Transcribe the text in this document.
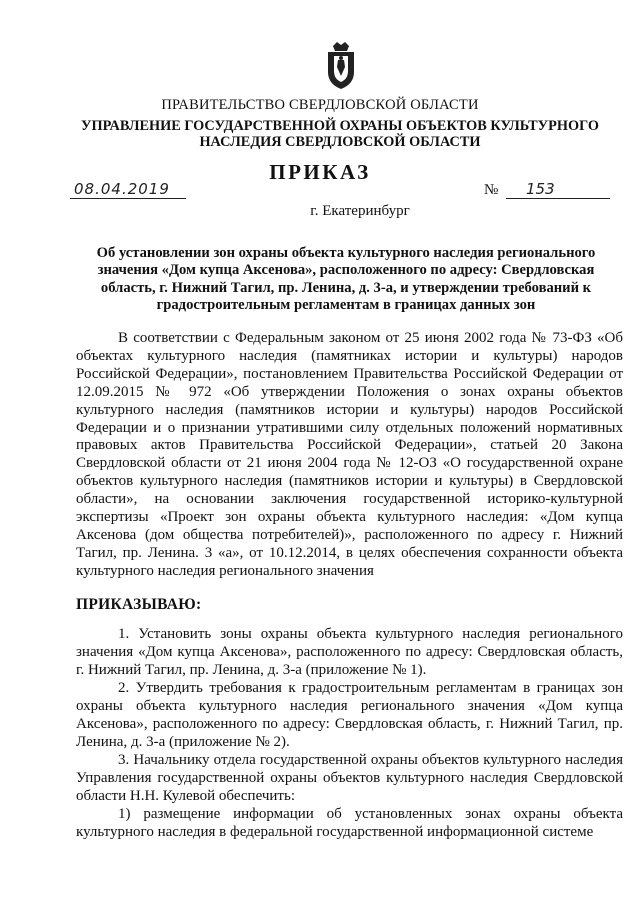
ПРАВИТЕЛЬСТВО СВЕРДЛОВСКОЙ ОБЛАСТИ
УПРАВЛЕНИЕ ГОСУДАРСТВЕННОЙ ОХРАНЫ ОБЪЕКТОВ КУЛЬТУРНОГО НАСЛЕДИЯ СВЕРДЛОВСКОЙ ОБЛАСТИ
ПРИКАЗ
08.04.2019	№	153
г. Екатеринбург
Об установлении зон охраны объекта культурного наследия регионального значения «Дом купца Аксенова», расположенного по адресу: Свердловская область, г. Нижний Тагил, пр. Ленина, д. 3-а, и утверждении требований к градостроительным регламентам в границах данных зон
В соответствии с Федеральным законом от 25 июня 2002 года № 73-ФЗ «Об объектах культурного наследия (памятниках истории и культуры) народов Российской Федерации», постановлением Правительства Российской Федерации от 12.09.2015 № 972 «Об утверждении Положения о зонах охраны объектов культурного наследия (памятников истории и культуры) народов Российской Федерации и о признании утратившими силу отдельных положений нормативных правовых актов Правительства Российской Федерации», статьей 20 Закона Свердловской области от 21 июня 2004 года № 12-ОЗ «О государственной охране объектов культурного наследия (памятников истории и культуры) в Свердловской области», на основании заключения государственной историко-культурной экспертизы «Проект зон охраны объекта культурного наследия: «Дом купца Аксенова (дом общества потребителей)», расположенного по адресу г. Нижний Тагил, пр. Ленина. 3 «а», от 10.12.2014, в целях обеспечения сохранности объекта культурного наследия регионального значения
ПРИКАЗЫВАЮ:
1. Установить зоны охраны объекта культурного наследия регионального значения «Дом купца Аксенова», расположенного по адресу: Свердловская область, г. Нижний Тагил, пр. Ленина, д. 3-а (приложение № 1).
2. Утвердить требования к градостроительным регламентам в границах зон охраны объекта культурного наследия регионального значения «Дом купца Аксенова», расположенного по адресу: Свердловская область, г. Нижний Тагил, пр. Ленина, д. 3-а (приложение № 2).
3. Начальнику отдела государственной охраны объектов культурного наследия Управления государственной охраны объектов культурного наследия Свердловской области Н.Н. Кулевой обеспечить:
1) размещение информации об установленных зонах охраны объекта культурного наследия в федеральной государственной информационной системе
